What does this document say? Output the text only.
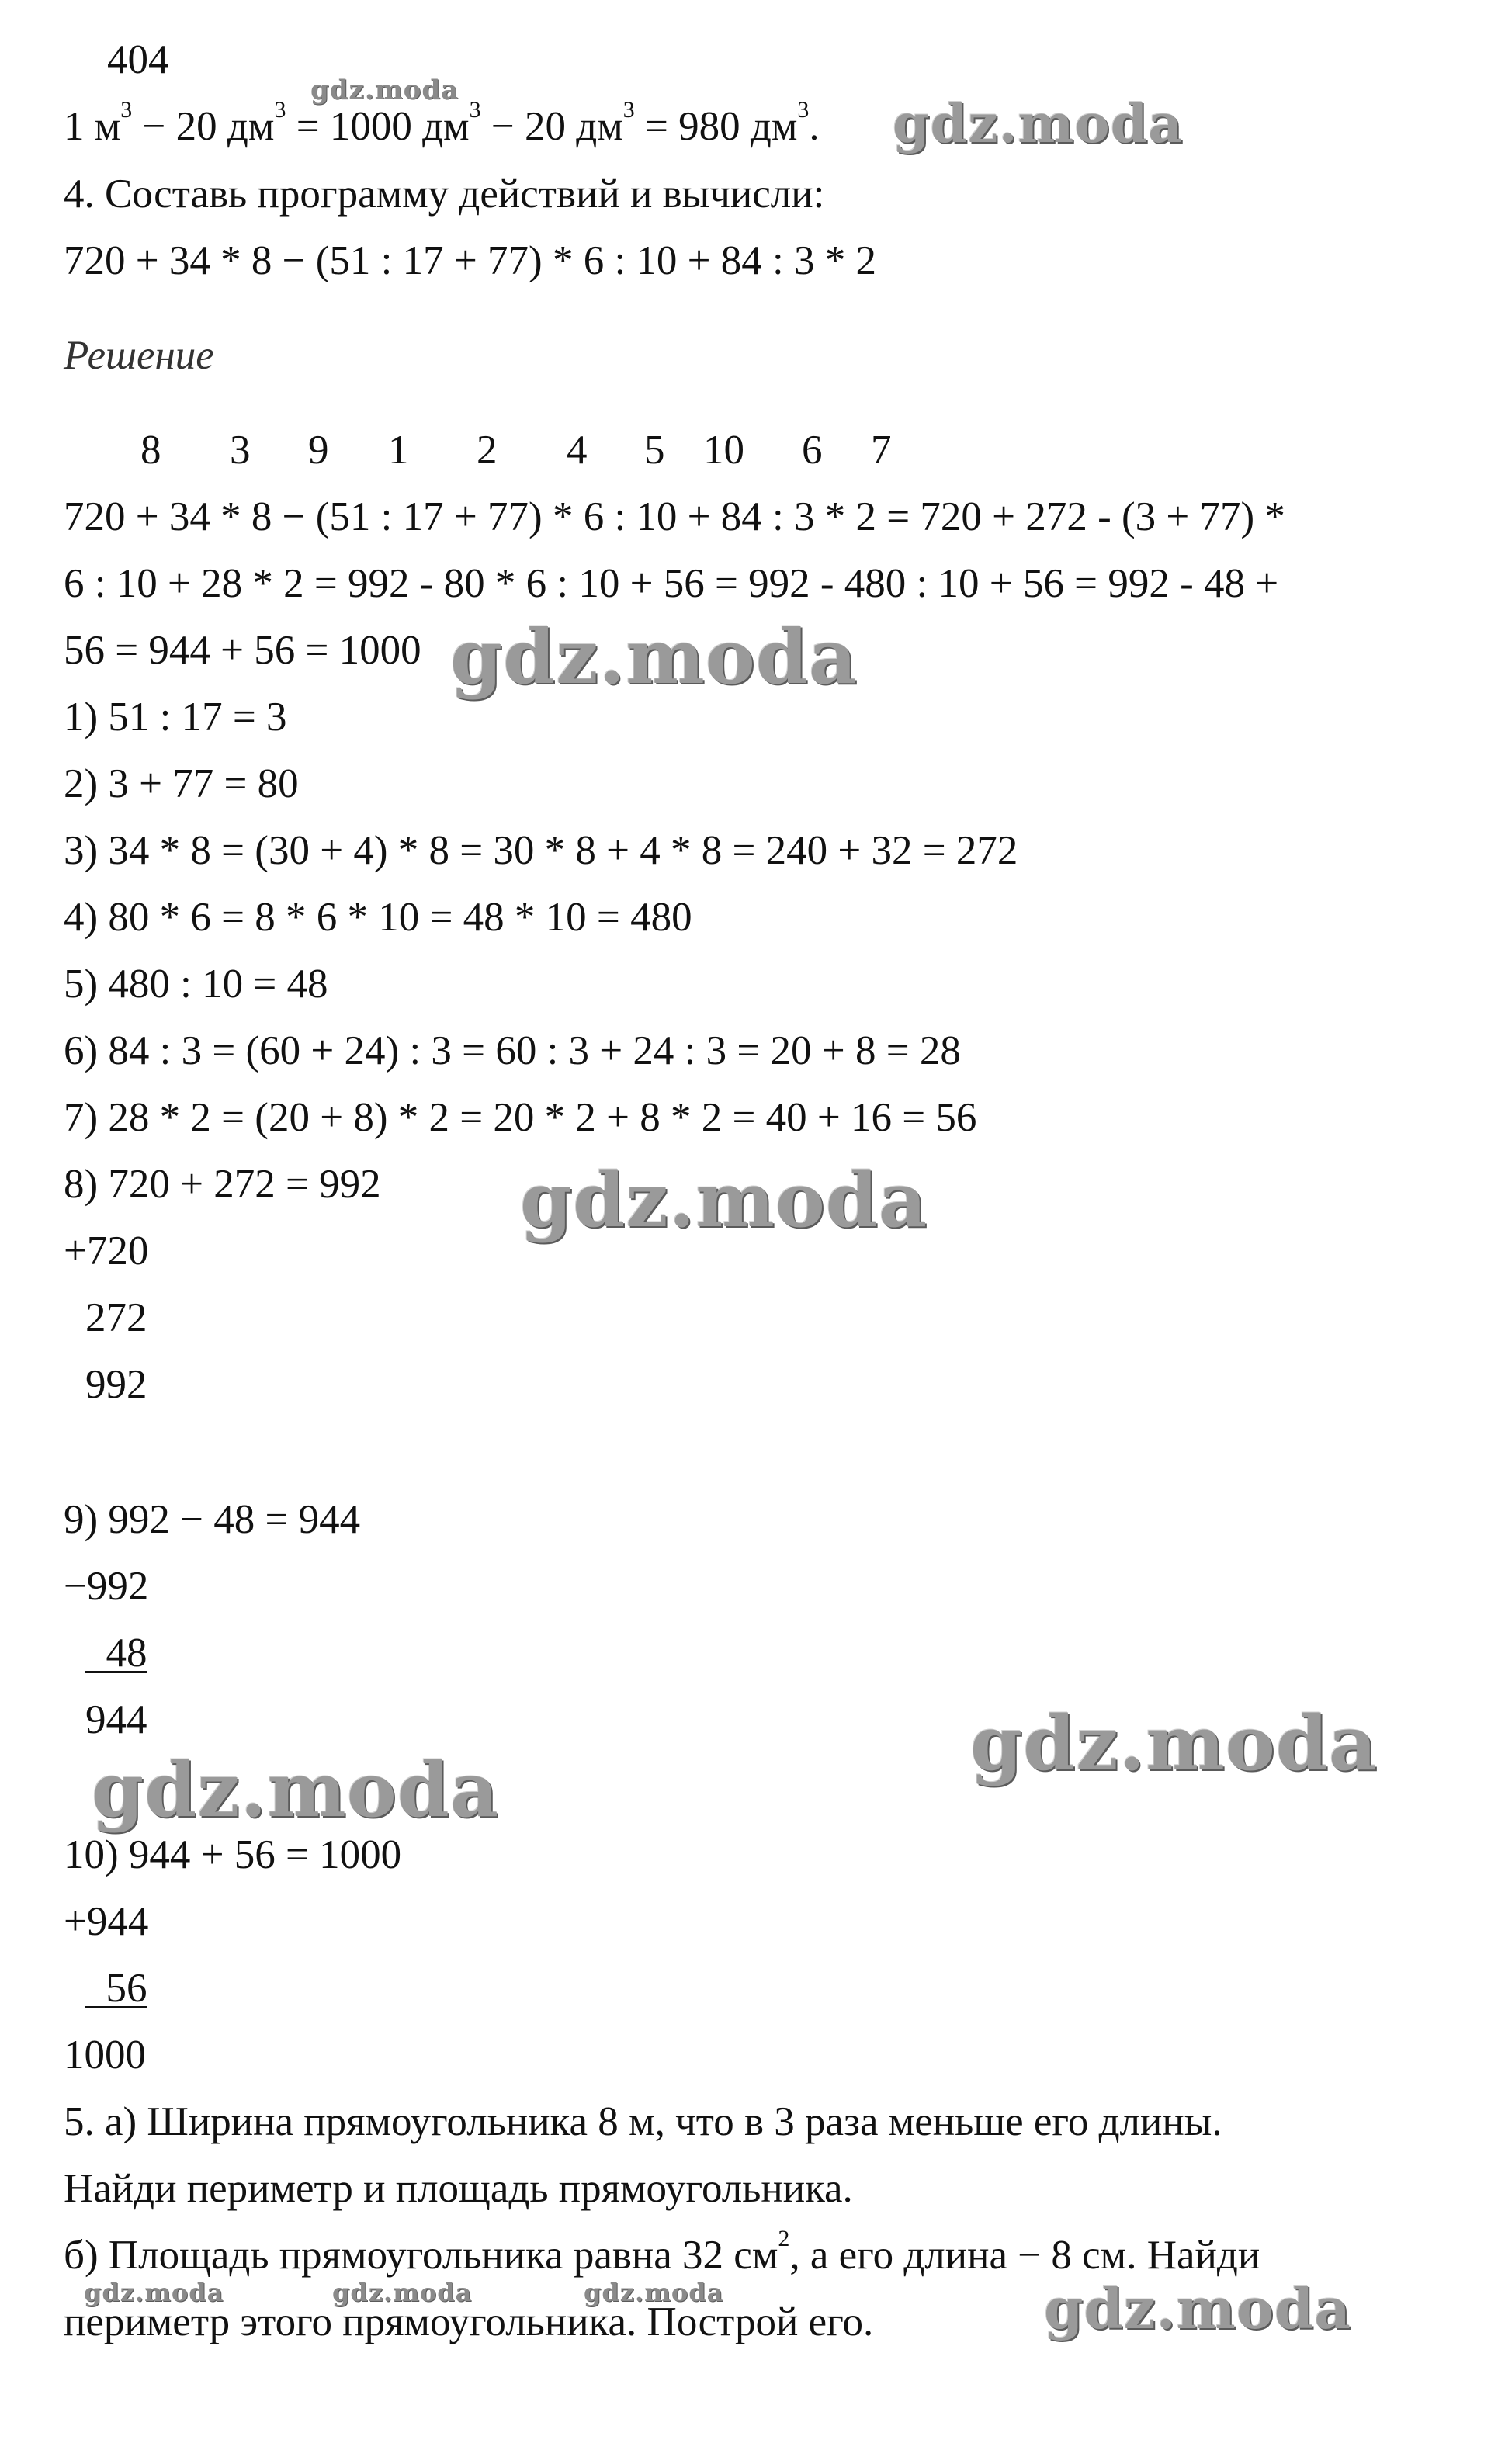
404
1 $м^3 - 20$ $дм^3 = 1000$ $дм^3 - 20$ $дм^3 = 980$ $дм^3$.
4. Составь программу действий и вычисли:
720 + 34 * 8 − (51 : 17 + 77) * 6 : 10 + 84 : 3 * 2
Решение
8 3 9 1 2 4 5 10 6 7
720 + 34 * 8 − (51 : 17 + 77) * 6 : 10 + 84 : 3 * 2 = 720 + 272 - (3 + 77) *
6 : 10 + 28 * 2 = 992 - 80 * 6 : 10 + 56 = 992 - 480 : 10 + 56 = 992 - 48 +
56 = 944 + 56 = 1000
1) 51 : 17 = 3
2) 3 + 77 = 80
3) 34 * 8 = (30 + 4) * 8 = 30 * 8 + 4 * 8 = 240 + 32 = 272
4) 80 * 6 = 8 * 6 * 10 = 48 * 10 = 480
5) 480 : 10 = 48
6) 84 : 3 = (60 + 24) : 3 = 60 : 3 + 24 : 3 = 20 + 8 = 28
7) 28 * 2 = (20 + 8) * 2 = 20 * 2 + 8 * 2 = 40 + 16 = 56
8) 720 + 272 = 992
+720
272
992
9) 992 − 48 = 944
−992
48
944
10) 944 + 56 = 1000
+944
56
1000
5. а) Ширина прямоугольника 8 м, что в 3 раза меньше его длины.
Найди периметр и площадь прямоугольника.
б) Площадь прямоугольника равна 32 $см^2$, а его длина − 8 см. Найди
периметр этого прямоугольника. Построй его.
gdz.moda
gdz.moda
gdz.moda
gdz.moda
gdz.moda
gdz.moda
gdz.moda	gdz.moda	gdz.moda	gdz.moda
